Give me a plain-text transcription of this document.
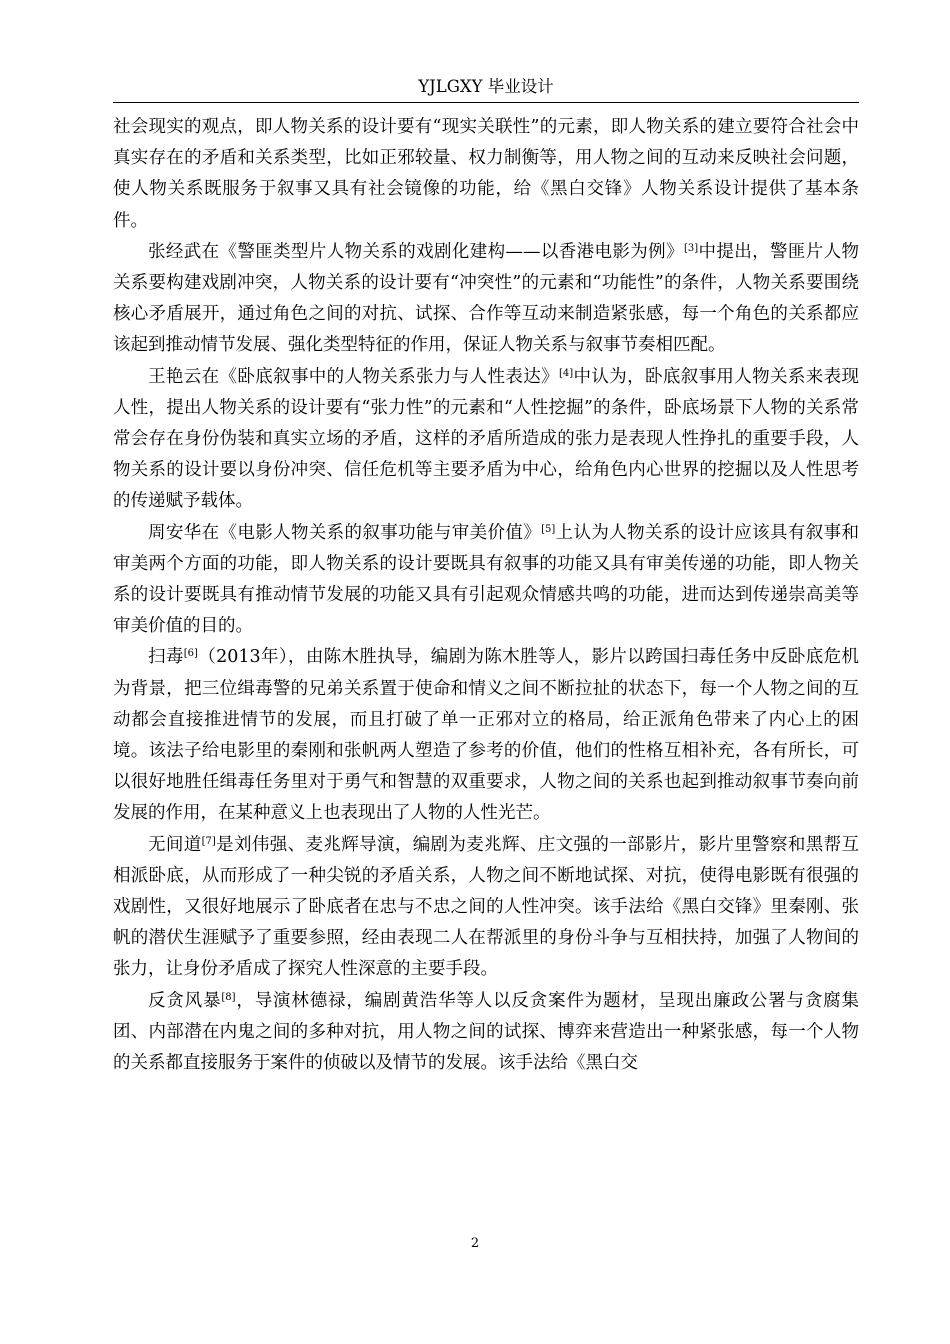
YJLGXY 毕业设计

社会现实的观点，即人物关系的设计要有“现实关联性”的元素，即人物关系的建立要符合社会中真实存在的矛盾和关系类型，比如正邪较量、权力制衡等，用人物之间的互动来反映社会问题，使人物关系既服务于叙事又具有社会镜像的功能，给《黑白交锋》人物关系设计提供了基本条件。

张经武在《警匪类型片人物关系的戏剧化建构——以香港电影为例》[3]中提出，警匪片人物关系要构建戏剧冲突，人物关系的设计要有“冲突性”的元素和“功能性”的条件，人物关系要围绕核心矛盾展开，通过角色之间的对抗、试探、合作等互动来制造紧张感，每一个角色的关系都应该起到推动情节发展、强化类型特征的作用，保证人物关系与叙事节奏相匹配。

王艳云在《卧底叙事中的人物关系张力与人性表达》[4]中认为，卧底叙事用人物关系来表现人性，提出人物关系的设计要有“张力性”的元素和“人性挖掘”的条件，卧底场景下人物的关系常常会存在身份伪装和真实立场的矛盾，这样的矛盾所造成的张力是表现人性挣扎的重要手段，人物关系的设计要以身份冲突、信任危机等主要矛盾为中心，给角色内心世界的挖掘以及人性思考的传递赋予载体。

周安华在《电影人物关系的叙事功能与审美价值》[5]上认为人物关系的设计应该具有叙事和审美两个方面的功能，即人物关系的设计要既具有叙事的功能又具有审美传递的功能，即人物关系的设计要既具有推动情节发展的功能又具有引起观众情感共鸣的功能，进而达到传递崇高美等审美价值的目的。

扫毒[6]（2013年），由陈木胜执导，编剧为陈木胜等人，影片以跨国扫毒任务中反卧底危机为背景，把三位缉毒警的兄弟关系置于使命和情义之间不断拉扯的状态下，每一个人物之间的互动都会直接推进情节的发展，而且打破了单一正邪对立的格局，给正派角色带来了内心上的困境。该法子给电影里的秦刚和张帆两人塑造了参考的价值，他们的性格互相补充，各有所长，可以很好地胜任缉毒任务里对于勇气和智慧的双重要求，人物之间的关系也起到推动叙事节奏向前发展的作用，在某种意义上也表现出了人物的人性光芒。

无间道[7]是刘伟强、麦兆辉导演，编剧为麦兆辉、庄文强的一部影片，影片里警察和黑帮互相派卧底，从而形成了一种尖锐的矛盾关系，人物之间不断地试探、对抗，使得电影既有很强的戏剧性，又很好地展示了卧底者在忠与不忠之间的人性冲突。该手法给《黑白交锋》里秦刚、张帆的潜伏生涯赋予了重要参照，经由表现二人在帮派里的身份斗争与互相扶持，加强了人物间的张力，让身份矛盾成了探究人性深意的主要手段。

反贪风暴[8]，导演林德禄，编剧黄浩华等人以反贪案件为题材，呈现出廉政公署与贪腐集团、内部潜在内鬼之间的多种对抗，用人物之间的试探、博弈来营造出一种紧张感，每一个人物的关系都直接服务于案件的侦破以及情节的发展。该手法给《黑白交

2
